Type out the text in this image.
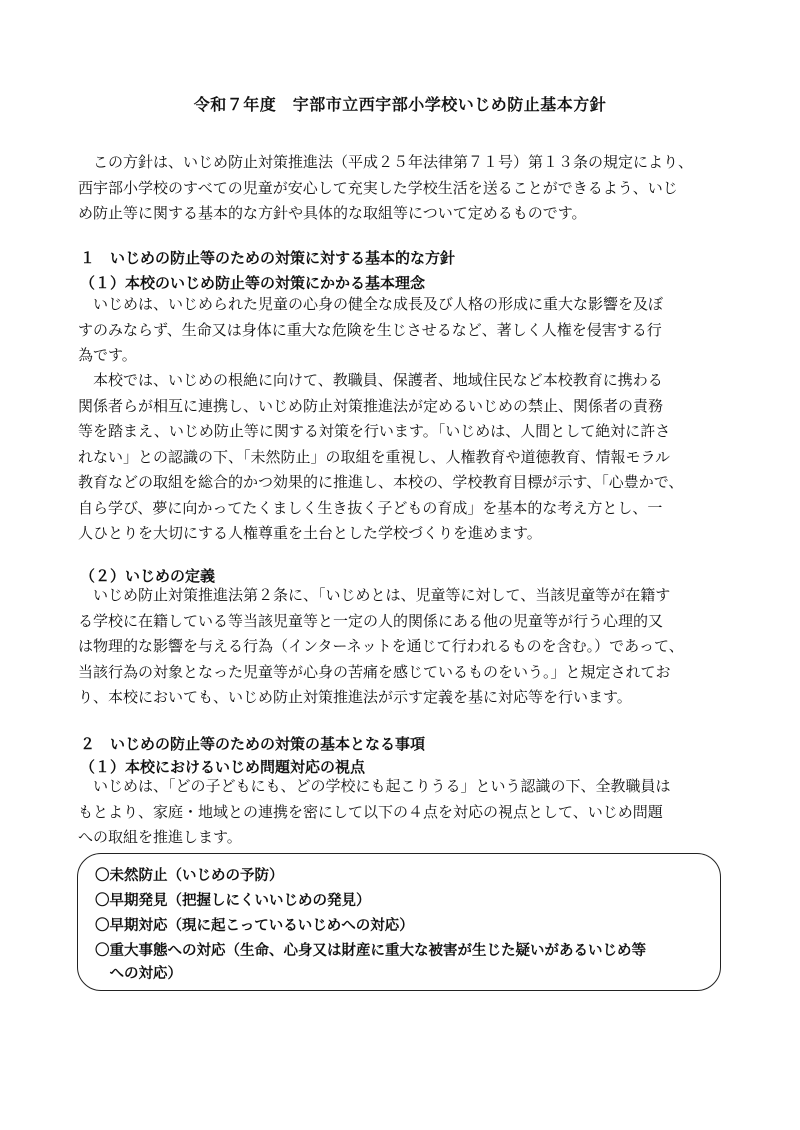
令和７年度　宇部市立西宇部小学校いじめ防止基本方針

　この方針は、いじめ防止対策推進法（平成２５年法律第７１号）第１３条の規定により、
西宇部小学校のすべての児童が安心して充実した学校生活を送ることができるよう、いじ
め防止等に関する基本的な方針や具体的な取組等について定めるものです。

１　いじめの防止等のための対策に対する基本的な方針
（１）本校のいじめ防止等の対策にかかる基本理念

　いじめは、いじめられた児童の心身の健全な成長及び人格の形成に重大な影響を及ぼ
すのみならず、生命又は身体に重大な危険を生じさせるなど、著しく人権を侵害する行
為です。

　本校では、いじめの根絶に向けて、教職員、保護者、地域住民など本校教育に携わる
関係者らが相互に連携し、いじめ防止対策推進法が定めるいじめの禁止、関係者の責務
等を踏まえ、いじめ防止等に関する対策を行います。「いじめは、人間として絶対に許さ
れない」との認識の下、「未然防止」の取組を重視し、人権教育や道徳教育、情報モラル
教育などの取組を総合的かつ効果的に推進し、本校の、学校教育目標が示す、「心豊かで、
自ら学び、夢に向かってたくましく生き抜く子どもの育成」を基本的な考え方とし、一
人ひとりを大切にする人権尊重を土台とした学校づくりを進めます。

（２）いじめの定義

　いじめ防止対策推進法第２条に、「いじめとは、児童等に対して、当該児童等が在籍す
る学校に在籍している等当該児童等と一定の人的関係にある他の児童等が行う心理的又
は物理的な影響を与える行為（インターネットを通じて行われるものを含む。）であって、
当該行為の対象となった児童等が心身の苦痛を感じているものをいう。」と規定されてお
り、本校においても、いじめ防止対策推進法が示す定義を基に対応等を行います。

２　いじめの防止等のための対策の基本となる事項
（１）本校におけるいじめ問題対応の視点

　いじめは、「どの子どもにも、どの学校にも起こりうる」という認識の下、全教職員は
もとより、家庭・地域との連携を密にして以下の４点を対応の視点として、いじめ問題
への取組を推進します。

〇未然防止（いじめの予防）
〇早期発見（把握しにくいいじめの発見）
〇早期対応（現に起こっているいじめへの対応）
〇重大事態への対応（生命、心身又は財産に重大な被害が生じた疑いがあるいじめ等
　への対応）
